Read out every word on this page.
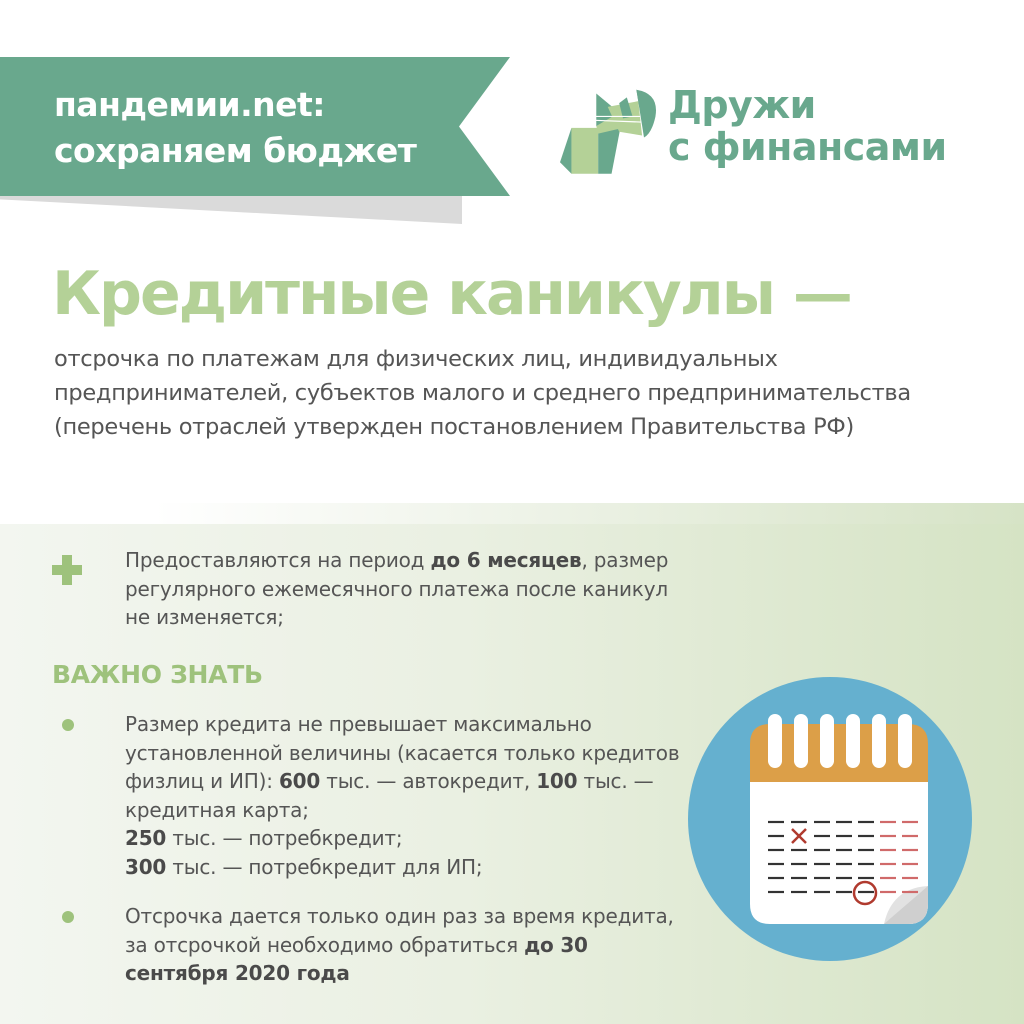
пандемии.net:
сохраняем бюджет
Дружи
с финансами
Кредитные каникулы —
отсрочка по платежам для физических лиц, индивидуальных предпринимателей, субъектов малого и среднего предпринимательства (перечень отраслей утвержден постановлением Правительства РФ)
Предоставляются на период до 6 месяцев, размер регулярного ежемесячного платежа после каникул не изменяется;
ВАЖНО ЗНАТЬ
Размер кредита не превышает максимально установленной величины (касается только кредитов физлиц и ИП): 600 тыс. — автокредит, 100 тыс. — кредитная карта;
250 тыс. — потребкредит;
300 тыс. — потребкредит для ИП;
Отсрочка дается только один раз за время кредита, за отсрочкой необходимо обратиться до 30 сентября 2020 года
